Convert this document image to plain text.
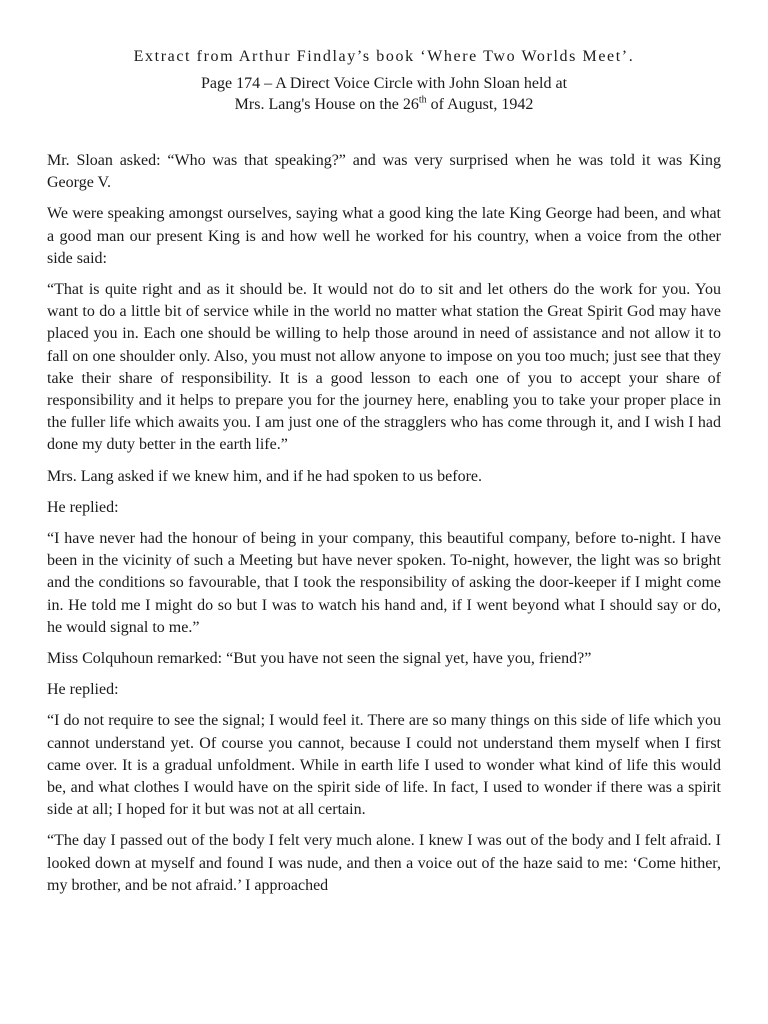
Extract from Arthur Findlay’s book ‘Where Two Worlds Meet’.

Page 174 – A Direct Voice Circle with John Sloan held at

Mrs. Lang's House on the 26th of August, 1942

Mr. Sloan asked: “Who was that speaking?” and was very surprised when he was told it was King George V.

We were speaking amongst ourselves, saying what a good king the late King George had been, and what a good man our present King is and how well he worked for his country, when a voice from the other side said:

“That is quite right and as it should be. It would not do to sit and let others do the work for you. You want to do a little bit of service while in the world no matter what station the Great Spirit God may have placed you in. Each one should be willing to help those around in need of assistance and not allow it to fall on one shoulder only. Also, you must not allow anyone to impose on you too much; just see that they take their share of responsibility. It is a good lesson to each one of you to accept your share of responsibility and it helps to prepare you for the journey here, enabling you to take your proper place in the fuller life which awaits you. I am just one of the stragglers who has come through it, and I wish I had done my duty better in the earth life.”

Mrs. Lang asked if we knew him, and if he had spoken to us before.

He replied:

“I have never had the honour of being in your company, this beautiful company, before to-night. I have been in the vicinity of such a Meeting but have never spoken. To-night, however, the light was so bright and the conditions so favourable, that I took the responsibility of asking the door-keeper if I might come in. He told me I might do so but I was to watch his hand and, if I went beyond what I should say or do, he would signal to me.”

Miss Colquhoun remarked: “But you have not seen the signal yet, have you, friend?”

He replied:

“I do not require to see the signal; I would feel it. There are so many things on this side of life which you cannot understand yet. Of course you cannot, because I could not understand them myself when I first came over. It is a gradual unfoldment. While in earth life I used to wonder what kind of life this would be, and what clothes I would have on the spirit side of life. In fact, I used to wonder if there was a spirit side at all; I hoped for it but was not at all certain.

“The day I passed out of the body I felt very much alone. I knew I was out of the body and I felt afraid. I looked down at myself and found I was nude, and then a voice out of the haze said to me: ‘Come hither, my brother, and be not afraid.’ I approached
